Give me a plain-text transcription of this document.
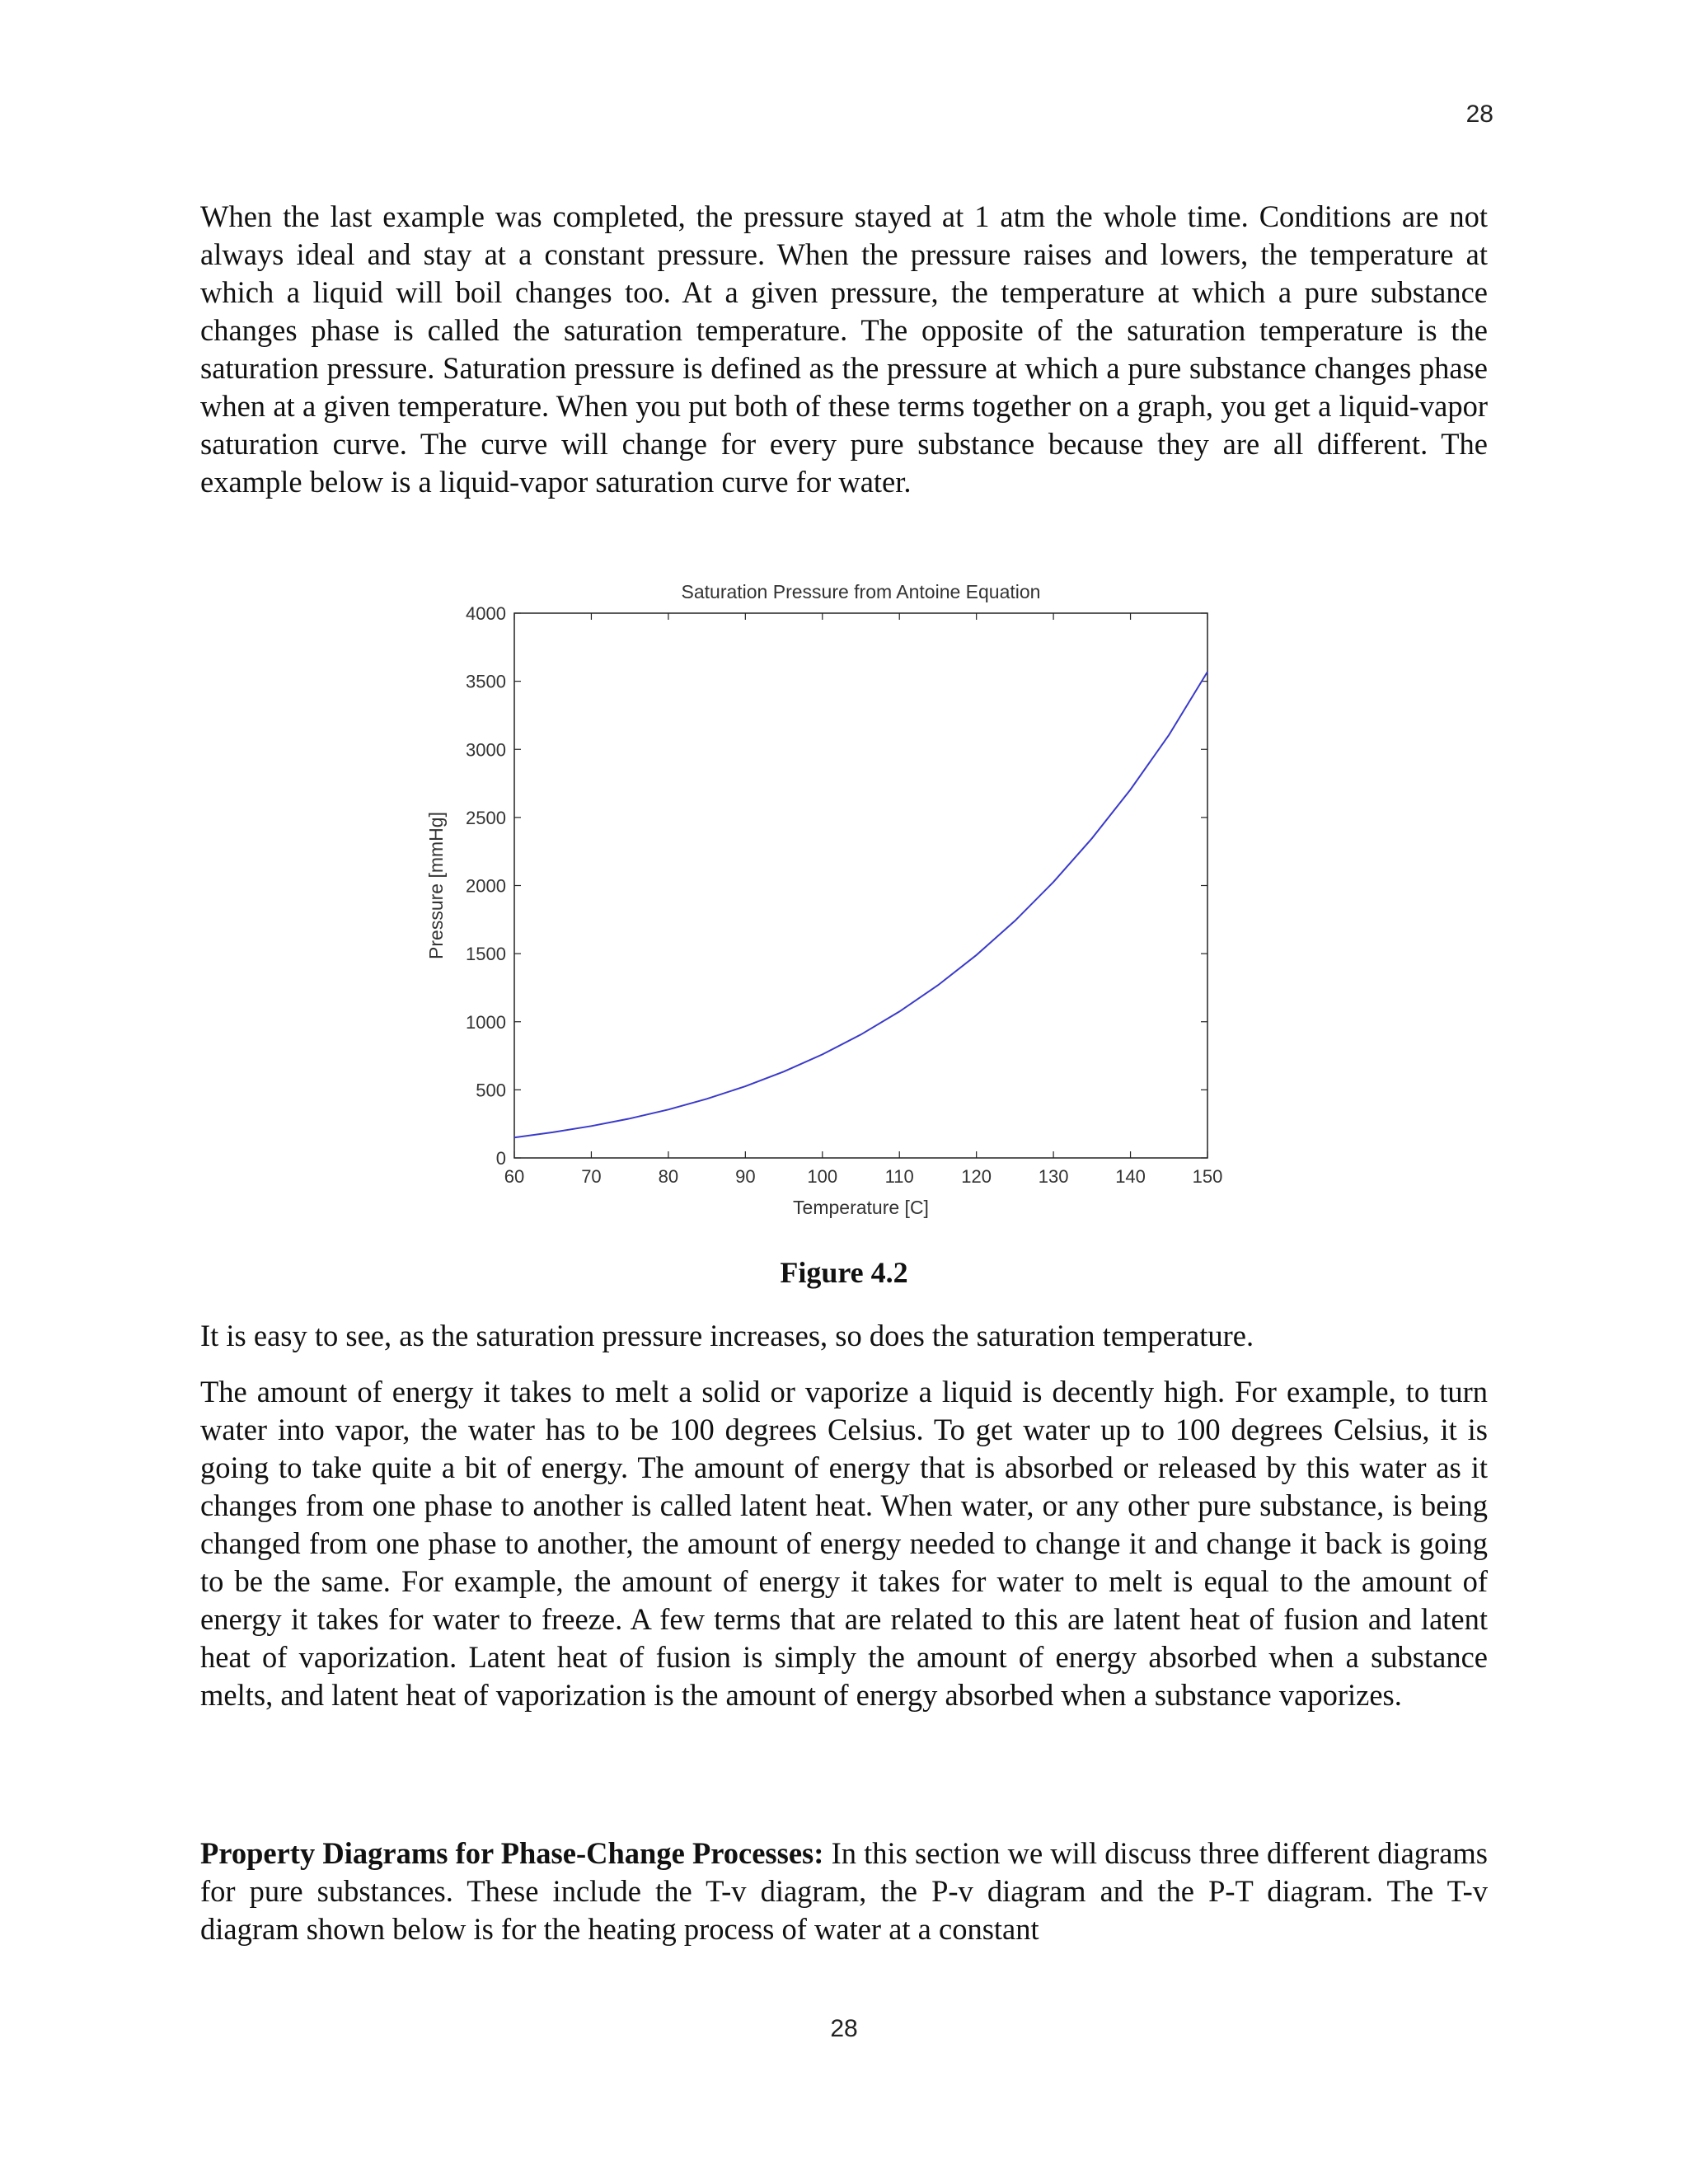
28

When the last example was completed, the pressure stayed at 1 atm the whole time. Conditions are not always ideal and stay at a constant pressure. When the pressure raises and lowers, the temperature at which a liquid will boil changes too. At a given pressure, the temperature at which a pure substance changes phase is called the saturation temperature. The opposite of the saturation temperature is the saturation pressure. Saturation pressure is defined as the pressure at which a pure substance changes phase when at a given temperature. When you put both of these terms together on a graph, you get a liquid-vapor saturation curve. The curve will change for every pure substance because they are all different. The example below is a liquid-vapor saturation curve for water.

60	70	80	90	100	110	120	130	140	150
0
500
1000
1500
2000
2500
3000
3500
4000
Saturation Pressure from Antoine Equation
Temperature [C]
Pressure [mmHg]
Figure 4.2

It is easy to see, as the saturation pressure increases, so does the saturation temperature.

The amount of energy it takes to melt a solid or vaporize a liquid is decently high. For example, to turn water into vapor, the water has to be 100 degrees Celsius. To get water up to 100 degrees Celsius, it is going to take quite a bit of energy. The amount of energy that is absorbed or released by this water as it changes from one phase to another is called latent heat. When water, or any other pure substance, is being changed from one phase to another, the amount of energy needed to change it and change it back is going to be the same. For example, the amount of energy it takes for water to melt is equal to the amount of energy it takes for water to freeze. A few terms that are related to this are latent heat of fusion and latent heat of vaporization. Latent heat of fusion is simply the amount of energy absorbed when a substance melts, and latent heat of vaporization is the amount of energy absorbed when a substance vaporizes.

Property Diagrams for Phase-Change Processes: In this section we will discuss three different diagrams for pure substances. These include the T-v diagram, the P-v diagram and the P-T diagram. The T-v diagram shown below is for the heating process of water at a constant

28
